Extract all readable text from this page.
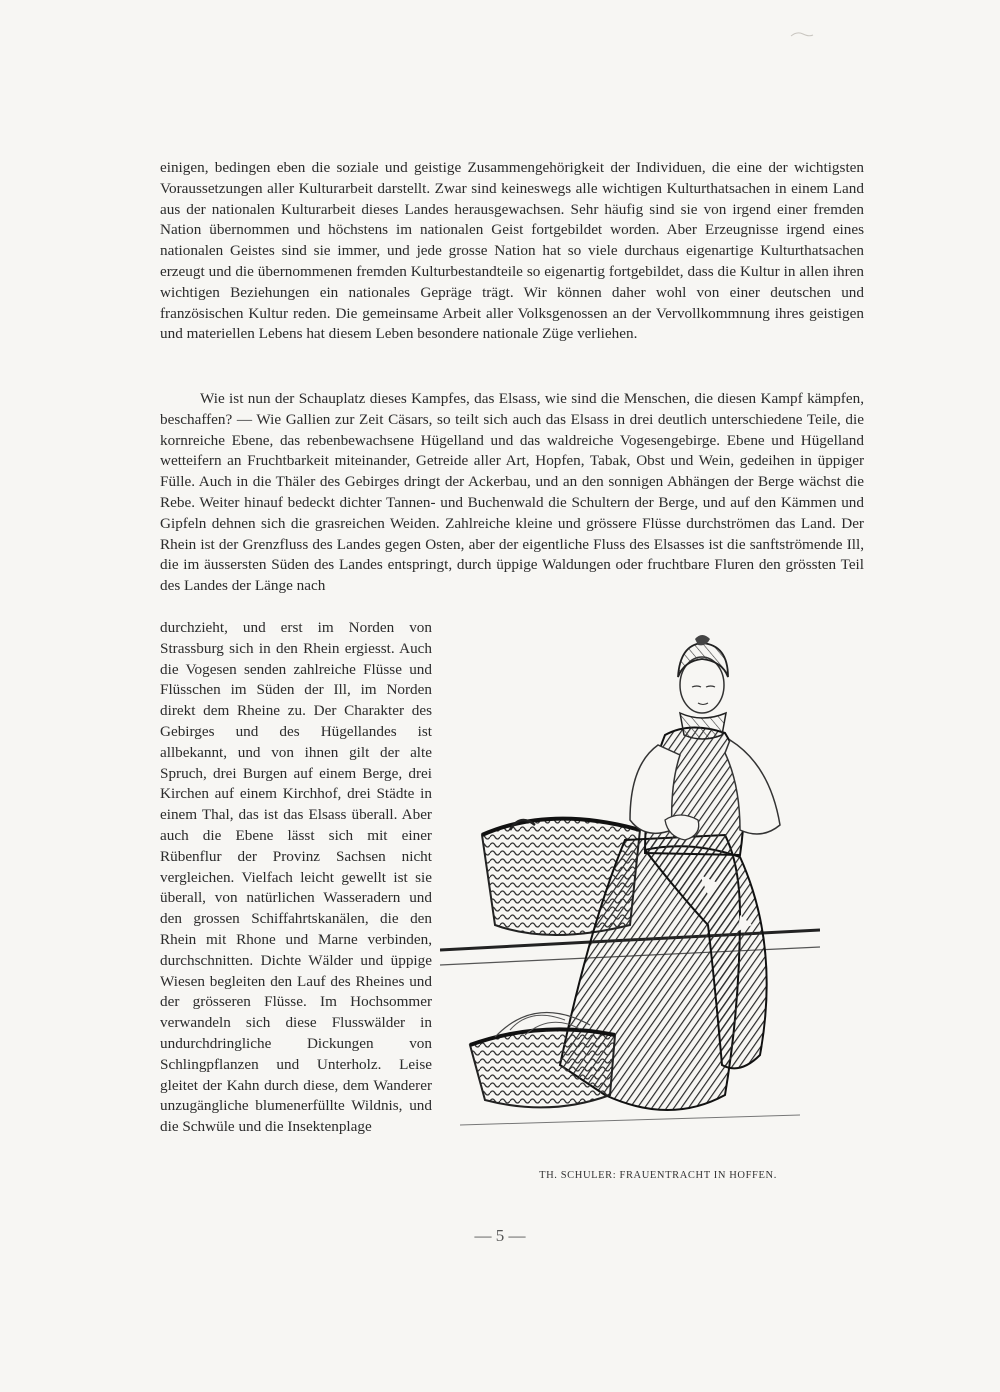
einigen, bedingen eben die soziale und geistige Zusammengehörigkeit der Individuen, die eine der wichtigsten Voraussetzungen aller Kulturarbeit darstellt. Zwar sind keineswegs alle wichtigen Kulturthatsachen in einem Land aus der nationalen Kulturarbeit dieses Landes herausgewachsen. Sehr häufig sind sie von irgend einer fremden Nation übernommen und höchstens im nationalen Geist fortgebildet worden. Aber Erzeugnisse irgend eines nationalen Geistes sind sie immer, und jede grosse Nation hat so viele durchaus eigenartige Kulturthatsachen erzeugt und die übernommenen fremden Kulturbestandteile so eigenartig fortgebildet, dass die Kultur in allen ihren wichtigen Beziehungen ein nationales Gepräge trägt. Wir können daher wohl von einer deutschen und französischen Kultur reden. Die gemeinsame Arbeit aller Volksgenossen an der Vervollkommnung ihres geistigen und materiellen Lebens hat diesem Leben besondere nationale Züge verliehen.

Wie ist nun der Schauplatz dieses Kampfes, das Elsass, wie sind die Menschen, die diesen Kampf kämpfen, beschaffen? — Wie Gallien zur Zeit Cäsars, so teilt sich auch das Elsass in drei deutlich unterschiedene Teile, die kornreiche Ebene, das rebenbewachsene Hügelland und das waldreiche Vogesengebirge. Ebene und Hügelland wetteifern an Fruchtbarkeit miteinander, Getreide aller Art, Hopfen, Tabak, Obst und Wein, gedeihen in üppiger Fülle. Auch in die Thäler des Gebirges dringt der Ackerbau, und an den sonnigen Abhängen der Berge wächst die Rebe. Weiter hinauf bedeckt dichter Tannen- und Buchenwald die Schultern der Berge, und auf den Kämmen und Gipfeln dehnen sich die grasreichen Weiden. Zahlreiche kleine und grössere Flüsse durchströmen das Land. Der Rhein ist der Grenzfluss des Landes gegen Osten, aber der eigentliche Fluss des Elsasses ist die sanftströmende Ill, die im äussersten Süden des Landes entspringt, durch üppige Waldungen oder fruchtbare Fluren den grössten Teil des Landes der Länge nach

durchzieht, und erst im Norden von Strassburg sich in den Rhein ergiesst. Auch die Vogesen senden zahlreiche Flüsse und Flüsschen im Süden der Ill, im Norden direkt dem Rheine zu. Der Charakter des Gebirges und des Hügellandes ist allbekannt, und von ihnen gilt der alte Spruch, drei Burgen auf einem Berge, drei Kirchen auf einem Kirchhof, drei Städte in einem Thal, das ist das Elsass überall. Aber auch die Ebene lässt sich mit einer Rübenflur der Provinz Sachsen nicht vergleichen. Vielfach leicht gewellt ist sie überall, von natürlichen Wasseradern und den grossen Schiffahrtskanälen, die den Rhein mit Rhone und Marne verbinden, durchschnitten. Dichte Wälder und üppige Wiesen begleiten den Lauf des Rheines und der grösseren Flüsse. Im Hochsommer verwandeln sich diese Flusswälder in undurchdringliche Dickungen von Schlingpflanzen und Unterholz. Leise gleitet der Kahn durch diese, dem Wanderer unzugängliche blumenerfüllte Wildnis, und die Schwüle und die Insektenplage

TH. SCHULER: FRAUENTRACHT IN HOFFEN.
— 5 —
